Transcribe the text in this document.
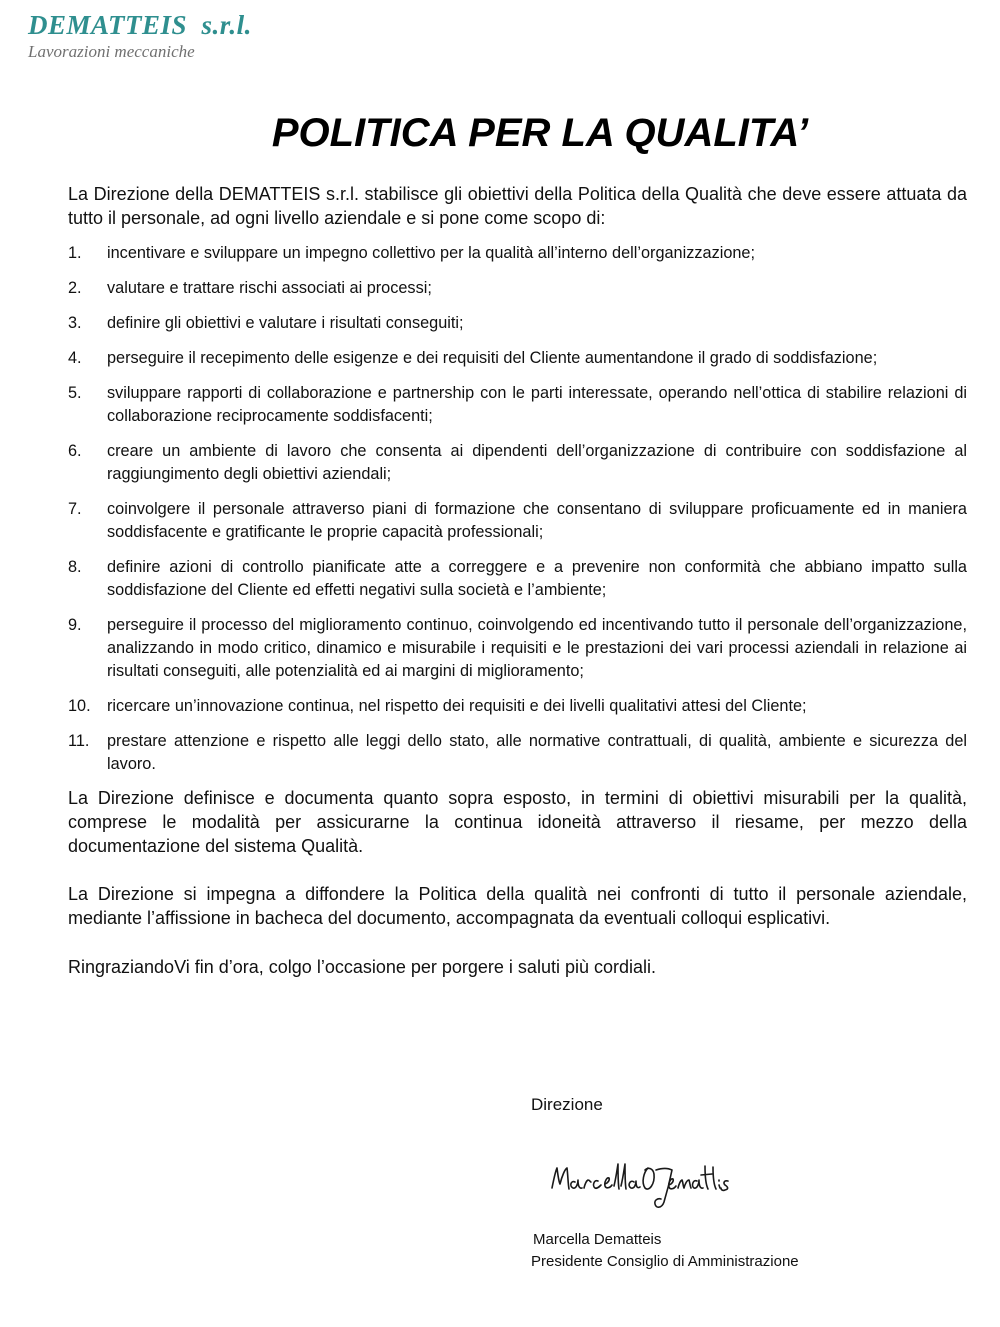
DEMATTEIS  s.r.l.
Lavorazioni meccaniche
POLITICA PER LA QUALITA’

La Direzione della DEMATTEIS s.r.l. stabilisce gli obiettivi della Politica della Qualità che deve essere attuata da tutto il personale, ad ogni livello aziendale e si pone come scopo di:

1.	incentivare e sviluppare un impegno collettivo per la qualità all’interno dell’organizzazione;
2.	valutare e trattare rischi associati ai processi;
3.	definire gli obiettivi e valutare i risultati conseguiti;
4.	perseguire il recepimento delle esigenze e dei requisiti del Cliente aumentandone il grado di soddisfazione;
5.	sviluppare rapporti di collaborazione e partnership con le parti interessate, operando nell’ottica di stabilire relazioni di collaborazione reciprocamente soddisfacenti;
6.	creare un ambiente di lavoro che consenta ai dipendenti dell’organizzazione di contribuire con soddisfazione al raggiungimento degli obiettivi aziendali;
7.	coinvolgere il personale attraverso piani di formazione che consentano di sviluppare proficuamente ed in maniera soddisfacente e gratificante le proprie capacità professionali;
8.	definire azioni di controllo pianificate atte a correggere e a prevenire non conformità che abbiano impatto sulla soddisfazione del Cliente ed effetti negativi sulla società e l’ambiente;
9.	perseguire il processo del miglioramento continuo, coinvolgendo ed incentivando tutto il personale dell’organizzazione, analizzando in modo critico, dinamico e misurabile i requisiti e le prestazioni dei vari processi aziendali in relazione ai risultati conseguiti, alle potenzialità ed ai margini di miglioramento;
10.	ricercare un’innovazione continua, nel rispetto dei requisiti e dei livelli qualitativi attesi del Cliente;
11.	prestare attenzione e rispetto alle leggi dello stato, alle normative contrattuali, di qualità, ambiente e sicurezza del lavoro.

La Direzione definisce e documenta quanto sopra esposto, in termini di obiettivi misurabili per la qualità, comprese le modalità per assicurarne la continua idoneità attraverso il riesame, per mezzo della documentazione del sistema Qualità.

La Direzione si impegna a diffondere la Politica della qualità nei confronti di tutto il personale aziendale, mediante l’affissione in bacheca del documento, accompagnata da eventuali colloqui esplicativi.

RingraziandoVi fin d’ora, colgo l’occasione per porgere i saluti più cordiali.

Direzione
Marcella Dematteis
Presidente Consiglio di Amministrazione
